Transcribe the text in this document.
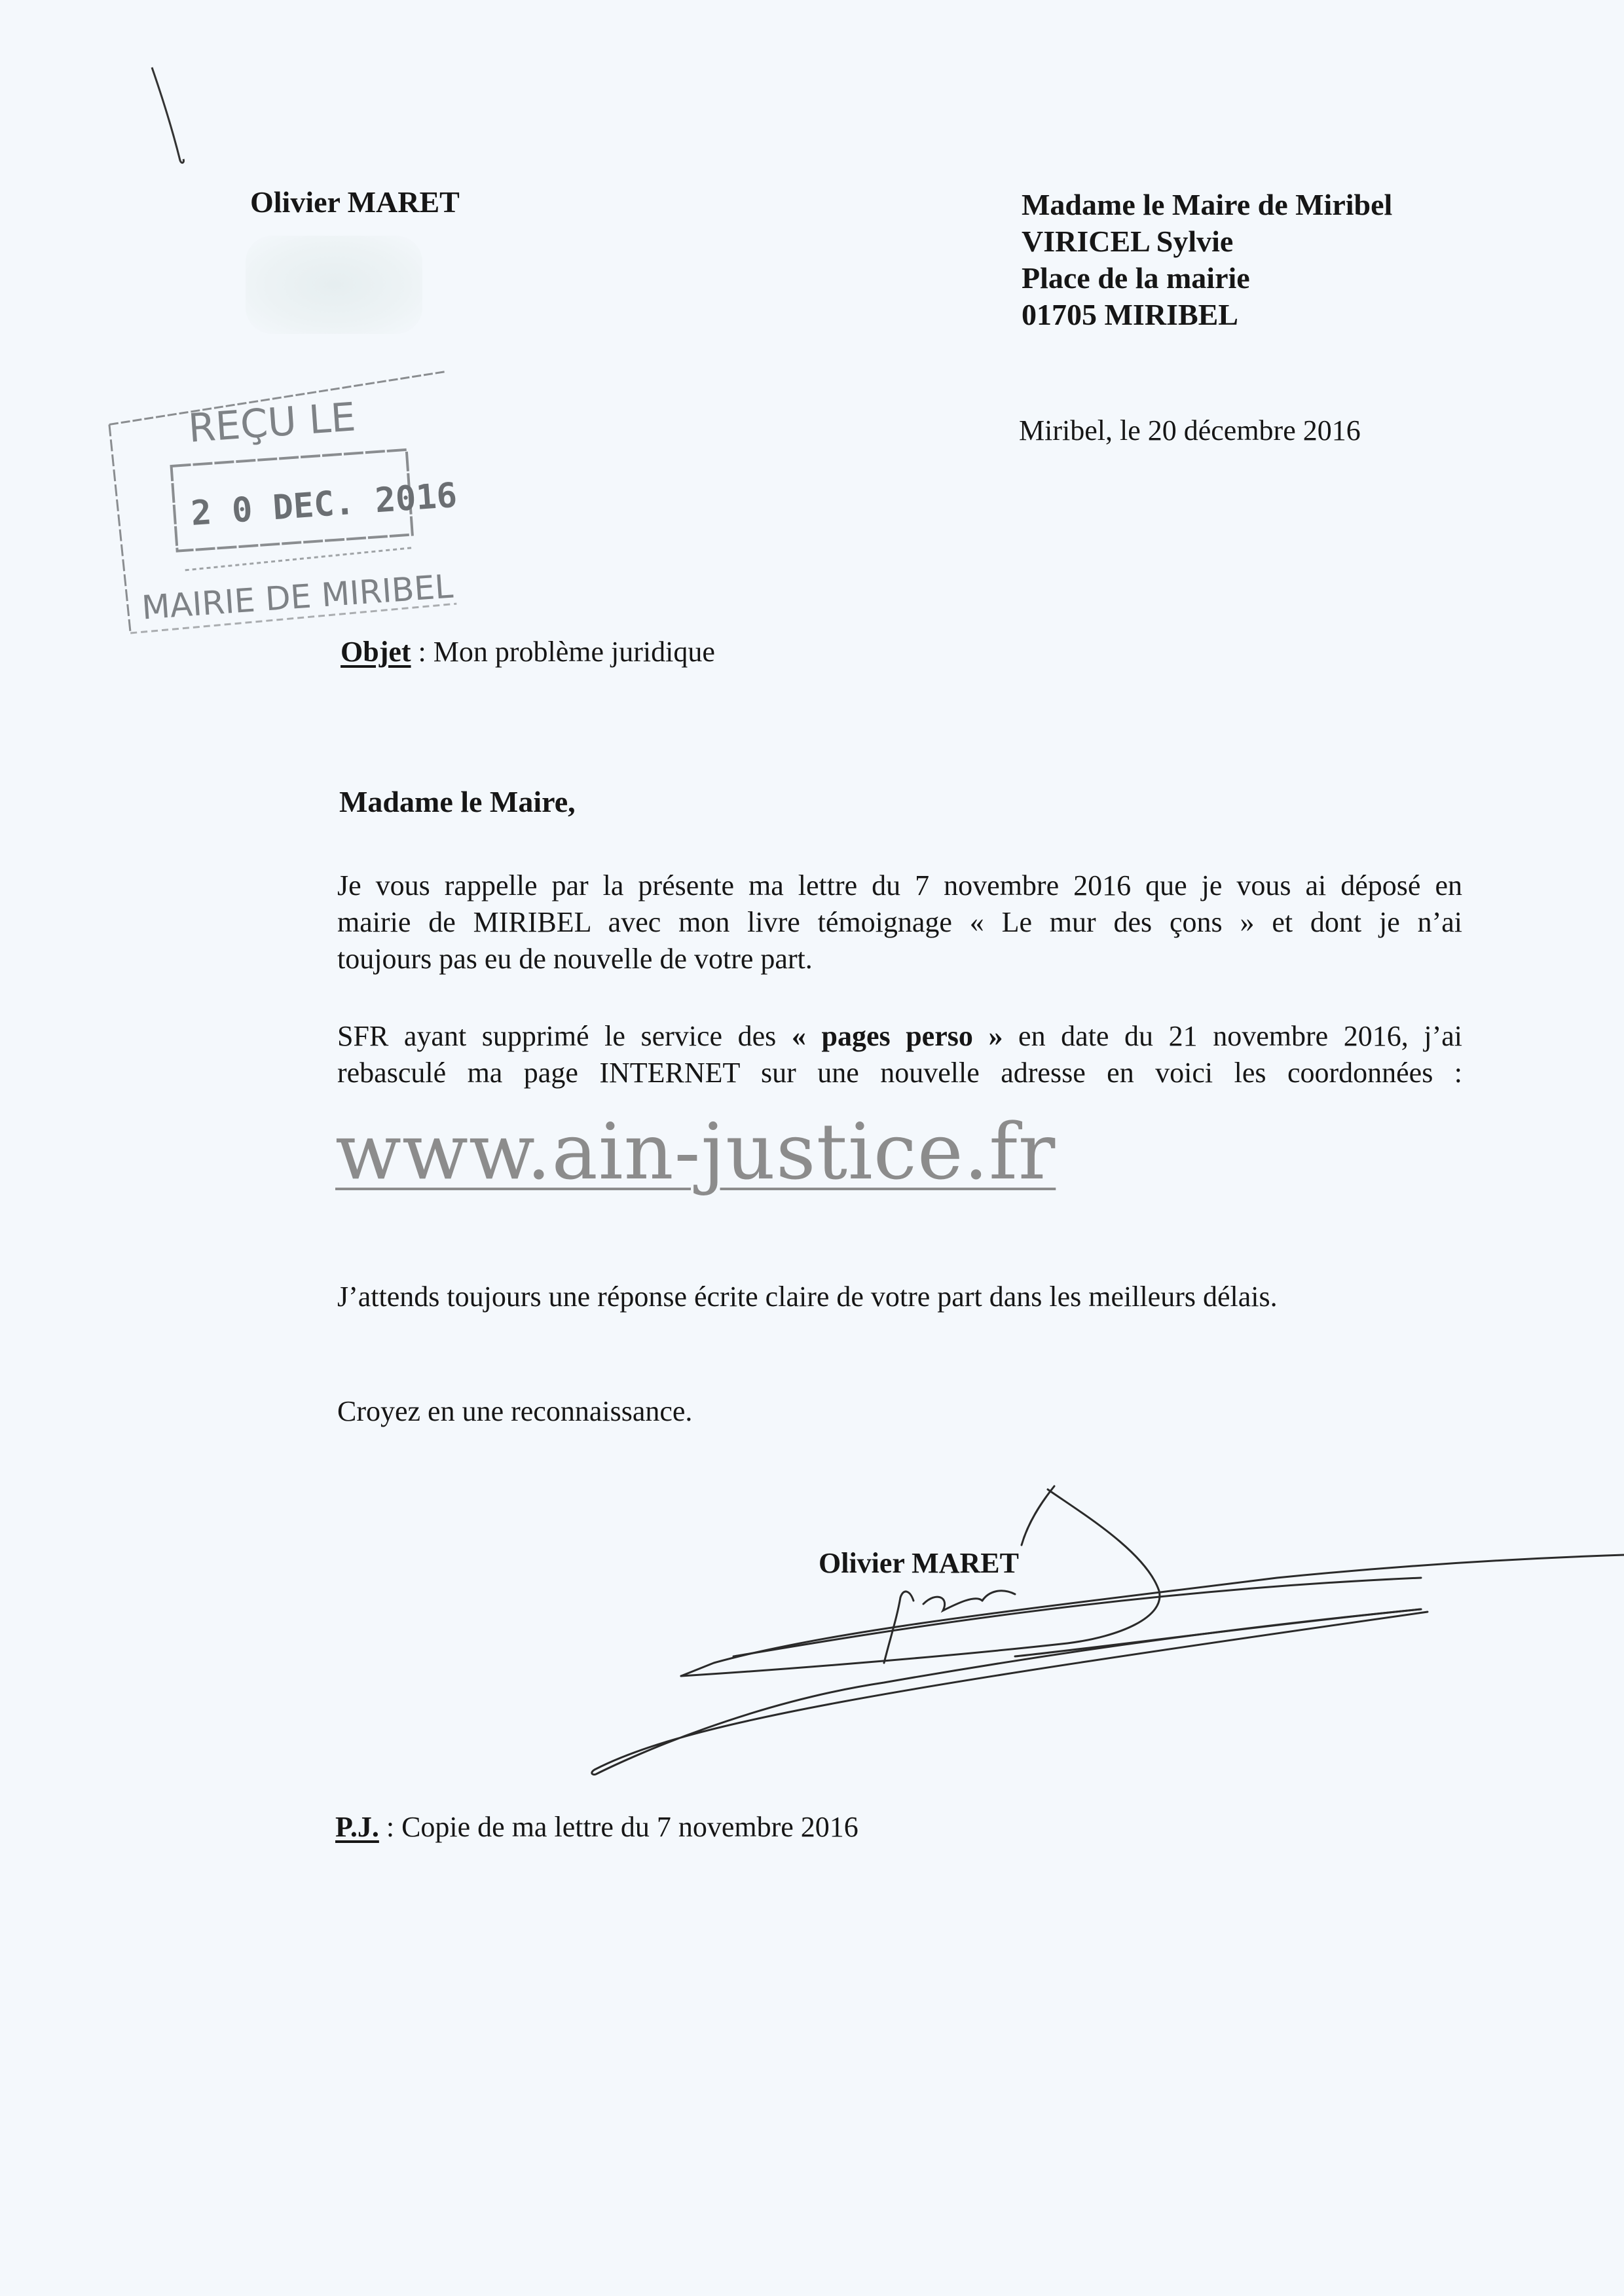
Olivier MARET	Madame le Maire de Miribel
VIRICEL Sylvie
Place de la mairie
01705 MIRIBEL
REÇU LE
2 0 DEC. 2016
MAIRIE DE MIRIBEL
Miribel, le 20 décembre 2016
Objet : Mon problème juridique
Madame le Maire,
Je vous rappelle par la présente ma lettre du 7 novembre 2016 que je vous ai déposé en
mairie de MIRIBEL avec mon livre témoignage « Le mur des çons » et dont je n’ai
toujours pas eu de nouvelle de votre part.
SFR ayant supprimé le service des « pages perso » en date du 21 novembre 2016, j’ai
rebasculé ma page INTERNET sur une nouvelle adresse en voici les coordonnées :
www.ain-justice.fr
J’attends toujours une réponse écrite claire de votre part dans les meilleurs délais.
Croyez en une reconnaissance.
Olivier MARET
P.J. : Copie de ma lettre du 7 novembre 2016
